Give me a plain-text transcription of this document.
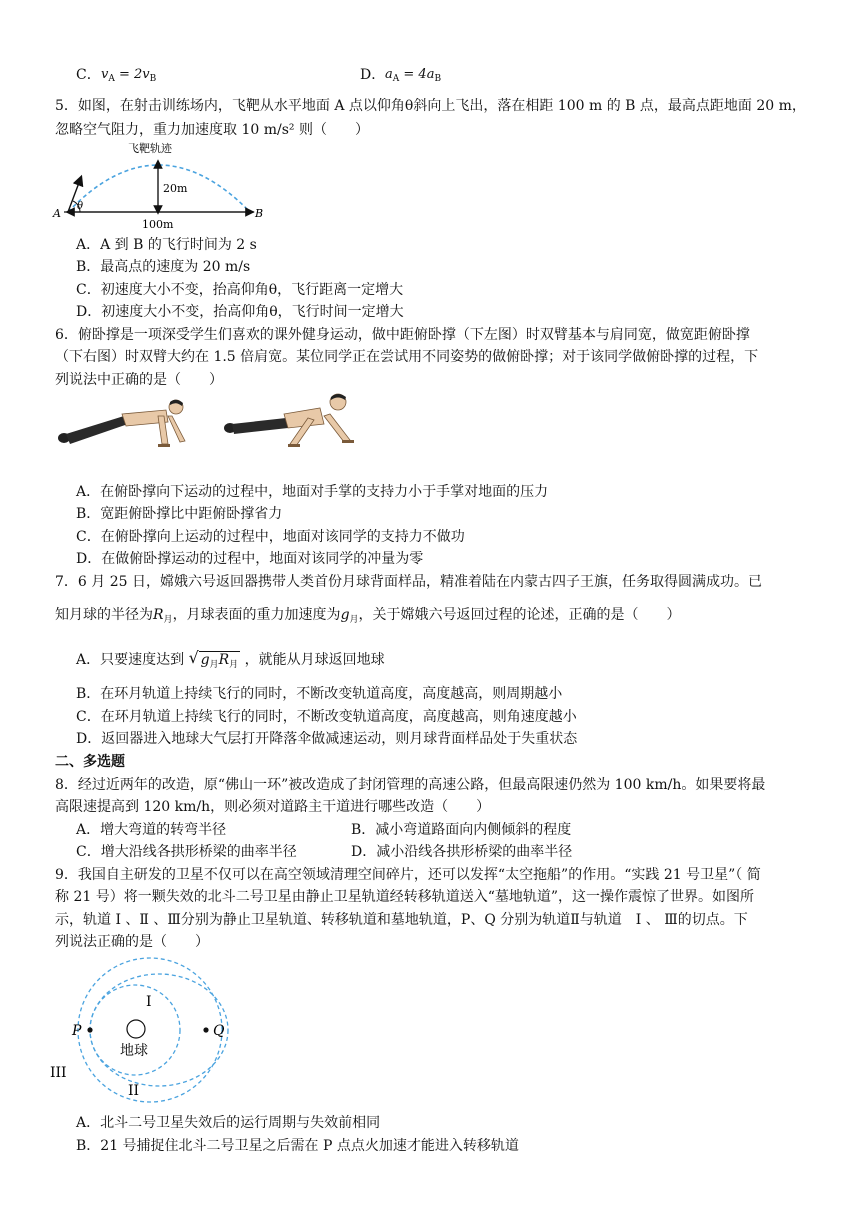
C． $v_A = 2v_B$	D． $a_A = 4a_B$
5．如图，在射击训练场内，飞靶从水平地面 A 点以仰角θ斜向上飞出，落在相距 100 m 的 B 点，最高点距地面 20 m，
忽略空气阻力，重力加速度取 10 m/s² 则（　　）
飞靶轨迹
20m
θ
A	B
100m
A．A 到 B 的飞行时间为 2 s
B．最高点的速度为 20 m/s
C．初速度大小不变，抬高仰角θ，飞行距离一定增大
D．初速度大小不变，抬高仰角θ，飞行时间一定增大
6．俯卧撑是一项深受学生们喜欢的课外健身运动，做中距俯卧撑（下左图）时双臂基本与肩同宽，做宽距俯卧撑
（下右图）时双臂大约在 1.5 倍肩宽。某位同学正在尝试用不同姿势的做俯卧撑；对于该同学做俯卧撑的过程，下
列说法中正确的是（　　）
A．在俯卧撑向下运动的过程中，地面对手掌的支持力小于手掌对地面的压力
B．宽距俯卧撑比中距俯卧撑省力
C．在俯卧撑向上运动的过程中，地面对该同学的支持力不做功
D．在做俯卧撑运动的过程中，地面对该同学的冲量为零
7．6 月 25 日，嫦娥六号返回器携带人类首份月球背面样品，精准着陆在内蒙古四子王旗，任务取得圆满成功。已
知月球的半径为$R_月$，月球表面的重力加速度为$g_月$，关于嫦娥六号返回过程的论述，正确的是（　　）
A．只要速度达到 √ $g_月R_月$ ，就能从月球返回地球
B．在环月轨道上持续飞行的同时，不断改变轨道高度，高度越高，则周期越小
C．在环月轨道上持续飞行的同时，不断改变轨道高度，高度越高，则角速度越小
D．返回器进入地球大气层打开降落伞做减速运动，则月球背面样品处于失重状态
二、多选题
8．经过近两年的改造，原“佛山一环”被改造成了封闭管理的高速公路，但最高限速仍然为 100 km/h。如果要将最
高限速提高到 120 km/h，则必须对道路主干道进行哪些改造（　　）
A．增大弯道的转弯半径	B．减小弯道路面向内侧倾斜的程度
C．增大沿线各拱形桥梁的曲率半径	D．减小沿线各拱形桥梁的曲率半径
9．我国自主研发的卫星不仅可以在高空领域清理空间碎片，还可以发挥“太空拖船”的作用。“实践 21 号卫星”（ 简
称 21 号）将一颗失效的北斗二号卫星由静止卫星轨道经转移轨道送入“墓地轨道”，这一操作震惊了世界。如图所
示，轨道 Ⅰ 、Ⅱ 、Ⅲ分别为静止卫星轨道、转移轨道和墓地轨道，P、Q 分别为轨道Ⅱ与轨道　Ⅰ 、 Ⅲ的切点。下
列说法正确的是（　　）
地球
P	Q
I
II
III
A．北斗二号卫星失效后的运行周期与失效前相同
B．21 号捕捉住北斗二号卫星之后需在 P 点点火加速才能进入转移轨道
